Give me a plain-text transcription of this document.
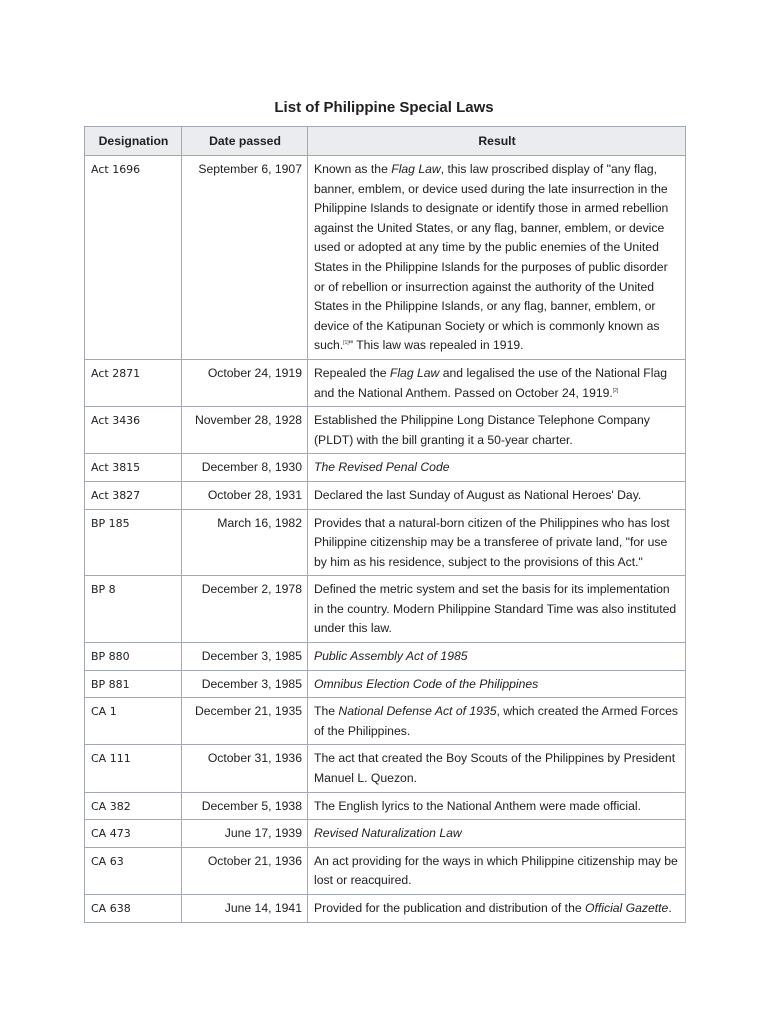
List of Philippine Special Laws
Designation	Date passed	Result
Act 1696	September 6, 1907	Known as the Flag Law, this law proscribed display of "any flag, banner, emblem, or device used during the late insurrection in the Philippine Islands to designate or identify those in armed rebellion against the United States, or any flag, banner, emblem, or device used or adopted at any time by the public enemies of the United States in the Philippine Islands for the purposes of public disorder or of rebellion or insurrection against the authority of the United States in the Philippine Islands, or any flag, banner, emblem, or device of the Katipunan Society or which is commonly known as such.[1]" This law was repealed in 1919.
Act 2871	October 24, 1919	Repealed the Flag Law and legalised the use of the National Flag and the National Anthem. Passed on October 24, 1919.[2]
Act 3436	November 28, 1928	Established the Philippine Long Distance Telephone Company (PLDT) with the bill granting it a 50-year charter.
Act 3815	December 8, 1930	The Revised Penal Code
Act 3827	October 28, 1931	Declared the last Sunday of August as National Heroes' Day.
BP 185	March 16, 1982	Provides that a natural-born citizen of the Philippines who has lost Philippine citizenship may be a transferee of private land, "for use by him as his residence, subject to the provisions of this Act."
BP 8	December 2, 1978	Defined the metric system and set the basis for its implementation in the country. Modern Philippine Standard Time was also instituted under this law.
BP 880	December 3, 1985	Public Assembly Act of 1985
BP 881	December 3, 1985	Omnibus Election Code of the Philippines
CA 1	December 21, 1935	The National Defense Act of 1935, which created the Armed Forces of the Philippines.
CA 111	October 31, 1936	The act that created the Boy Scouts of the Philippines by President Manuel L. Quezon.
CA 382	December 5, 1938	The English lyrics to the National Anthem were made official.
CA 473	June 17, 1939	Revised Naturalization Law
CA 63	October 21, 1936	An act providing for the ways in which Philippine citizenship may be lost or reacquired.
CA 638	June 14, 1941	Provided for the publication and distribution of the Official Gazette.
